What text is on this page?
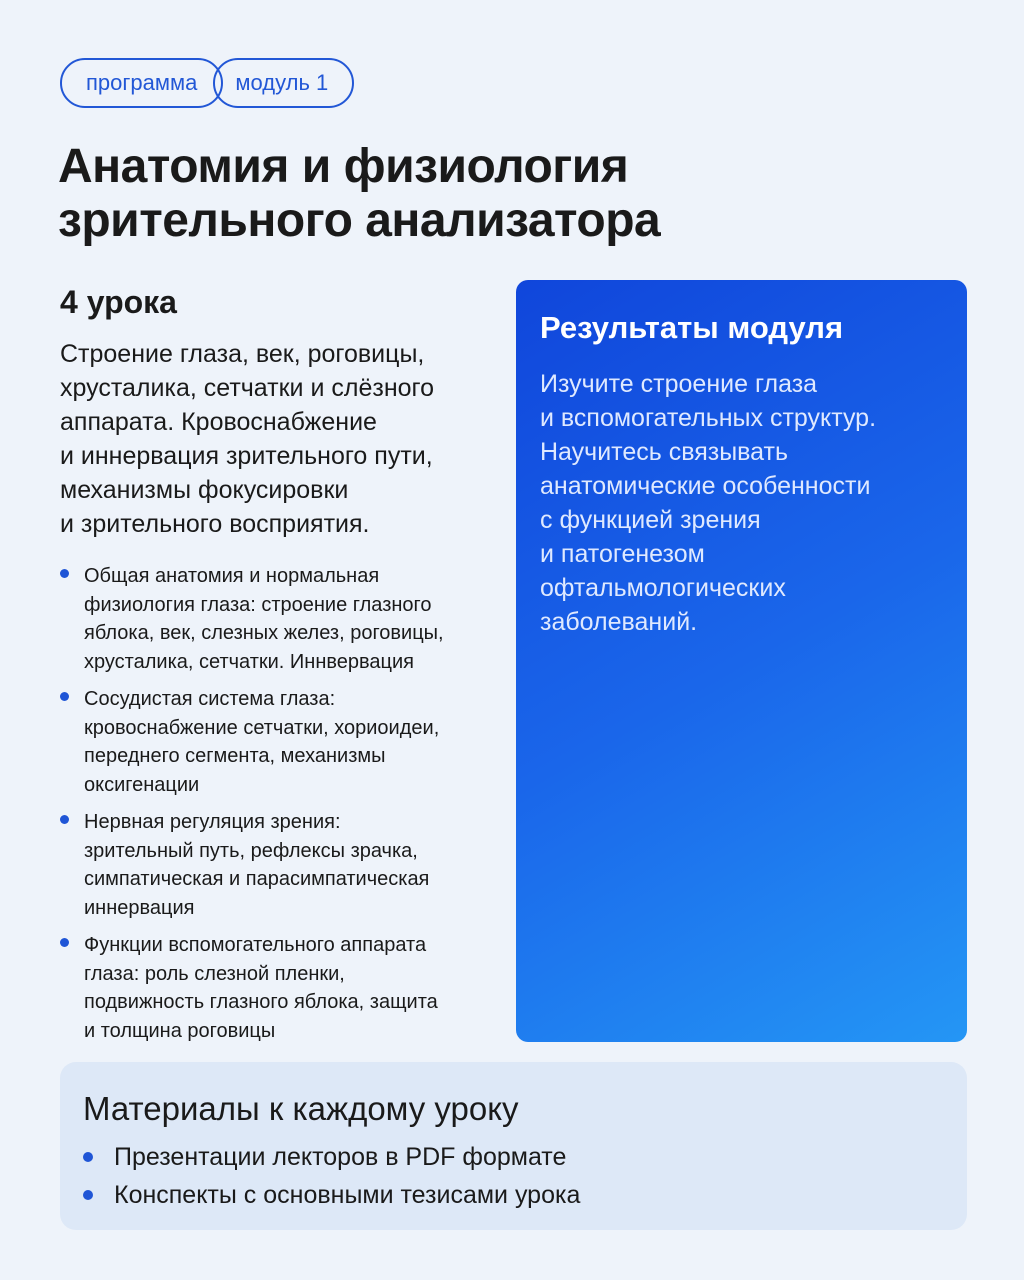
программа	модуль 1
Анатомия и физиология
зрительного анализатора
4 урока

Строение глаза, век, роговицы,
хрусталика, сетчатки и слёзного
аппарата. Кровоснабжение
и иннервация зрительного пути,
механизмы фокусировки
и зрительного восприятия.

Общая анатомия и нормальная
физиология глаза: строение глазного
яблока, век, слезных желез, роговицы,
хрусталика, сетчатки. Иннвервация
Сосудистая система глаза:
кровоснабжение сетчатки, хориоидеи,
переднего сегмента, механизмы
оксигенации
Нервная регуляция зрения:
зрительный путь, рефлексы зрачка,
симпатическая и парасимпатическая
иннервация
Функции вспомогательного аппарата
глаза: роль слезной пленки,
подвижность глазного яблока, защита
и толщина роговицы
Результаты модуля

Изучите строение глаза
и вспомогательных структур.
Научитесь связывать
анатомические особенности
с функцией зрения
и патогенезом
офтальмологических
заболеваний.

Материалы к каждому уроку
Презентации лекторов в PDF формате
Конспекты с основными тезисами урока
